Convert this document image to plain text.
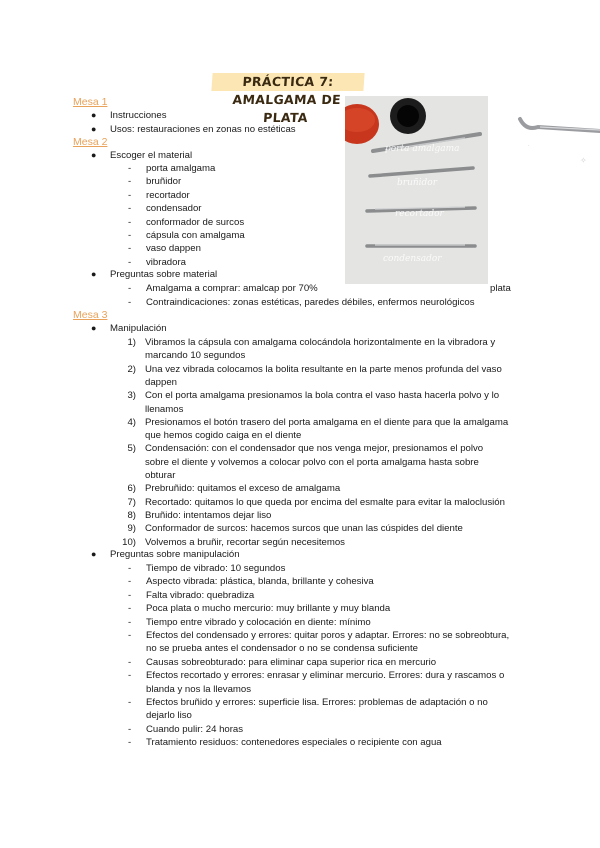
PRÁCTICA 7: AMALGAMA DE PLATA
Mesa 1
● Instrucciones
● Usos: restauraciones en zonas no estéticas
Mesa 2
● Escoger el material
- porta amalgama
- bruñidor
- recortador
- condensador
- conformador de surcos
- cápsula con amalgama
- vaso dappen
- vibradora
● Preguntas sobre material
- Amalgama a comprar: amalcap por 70%	plata
- Contraindicaciones: zonas estéticas, paredes débiles, enfermos neurológicos
porta amalgama
bruñidor
recortador
condensador
·
✧
Mesa 3
● Manipulación
1) Vibramos la cápsula con amalgama colocándola horizontalmente en la vibradora y
marcando 10 segundos
2) Una vez vibrada colocamos la bolita resultante en la parte menos profunda del vaso
dappen
3) Con el porta amalgama presionamos la bola contra el vaso hasta hacerla polvo y lo
llenamos
4) Presionamos el botón trasero del porta amalgama en el diente para que la amalgama
que hemos cogido caiga en el diente
5) Condensación: con el condensador que nos venga mejor, presionamos el polvo
sobre el diente y volvemos a colocar polvo con el porta amalgama hasta sobre
obturar
6) Prebruñido: quitamos el exceso de amalgama
7) Recortado: quitamos lo que queda por encima del esmalte para evitar la maloclusión
8) Bruñido: intentamos dejar liso
9) Conformador de surcos: hacemos surcos que unan las cúspides del diente
10) Volvemos a bruñir, recortar según necesitemos
● Preguntas sobre manipulación
- Tiempo de vibrado: 10 segundos
- Aspecto vibrada: plástica, blanda, brillante y cohesiva
- Falta vibrado: quebradiza
- Poca plata o mucho mercurio: muy brillante y muy blanda
- Tiempo entre vibrado y colocación en diente: mínimo
- Efectos del condensado y errores: quitar poros y adaptar. Errores: no se sobreobtura,
no se prueba antes el condensador o no se condensa suficiente
- Causas sobreobturado: para eliminar capa superior rica en mercurio
- Efectos recortado y errores: enrasar y eliminar mercurio. Errores: dura y rascamos o
blanda y nos la llevamos
- Efectos bruñido y errores: superficie lisa. Errores: problemas de adaptación o no
dejarlo liso
- Cuando pulir: 24 horas
- Tratamiento residuos: contenedores especiales o recipiente con agua
